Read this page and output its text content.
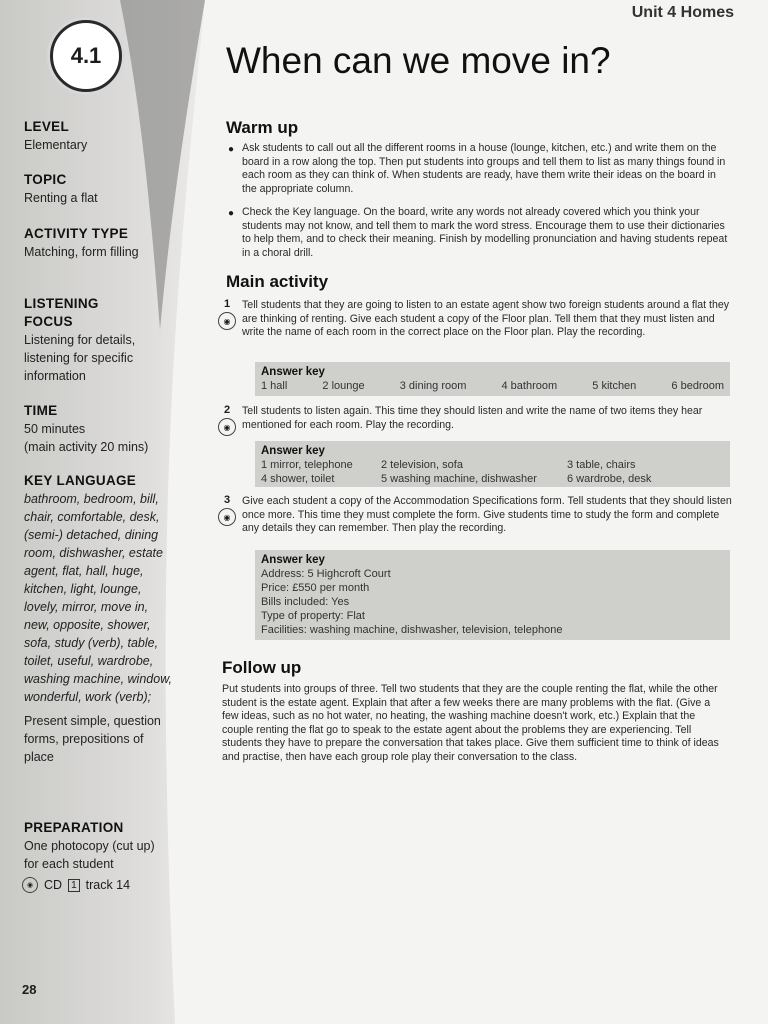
4.1
Unit 4 Homes
When can we move in?
LEVEL
Elementary
TOPIC
Renting a flat
ACTIVITY TYPE
Matching, form filling
LISTENING
FOCUS
Listening for details, listening for specific information
TIME
50 minutes
(main activity 20 mins)
KEY LANGUAGE
bathroom, bedroom, bill, chair, comfortable, desk, (semi-) detached, dining room, dishwasher, estate agent, flat, hall, huge, kitchen, light, lounge, lovely, mirror, move in, new, opposite, shower, sofa, study (verb), table, toilet, useful, wardrobe, washing machine, window, wonderful, work (verb);
Present simple, question forms, prepositions of place
PREPARATION
One photocopy (cut up) for each student
◉ CD 1 track 14
Warm up
● Ask students to call out all the different rooms in a house (lounge, kitchen, etc.) and write them on the board in a row along the top. Then put students into groups and tell them to list as many things found in each room as they can think of. When students are ready, have them write their ideas on the board in the appropriate column.
● Check the Key language. On the board, write any words not already covered which you think your students may not know, and tell them to mark the word stress. Encourage them to use their dictionaries to help them, and to check their meaning. Finish by modelling pronunciation and having students repeat in a choral drill.
Main activity
1
◉
Tell students that they are going to listen to an estate agent show two foreign students around a flat they are thinking of renting. Give each student a copy of the Floor plan. Tell them that they must listen and write the name of each room in the correct place on the Floor plan. Play the recording.
Answer key
1 hall	2 lounge	3 dining room	4 bathroom	5 kitchen	6 bedroom
2
◉
Tell students to listen again. This time they should listen and write the name of two items they hear mentioned for each room. Play the recording.
Answer key
1 mirror, telephone	2 television, sofa	3 table, chairs
4 shower, toilet	5 washing machine, dishwasher	6 wardrobe, desk
3
◉
Give each student a copy of the Accommodation Specifications form. Tell students that they should listen once more. This time they must complete the form. Give students time to study the form and complete any details they can remember. Then play the recording.
Answer key
Address: 5 Highcroft Court
Price: £550 per month
Bills included: Yes
Type of property: Flat
Facilities: washing machine, dishwasher, television, telephone
Follow up
Put students into groups of three. Tell two students that they are the couple renting the flat, while the other student is the estate agent. Explain that after a few weeks there are many problems with the flat. (Give a few ideas, such as no hot water, no heating, the washing machine doesn't work, etc.) Explain that the couple renting the flat go to speak to the estate agent about the problems they are experiencing. Tell students they have to prepare the conversation that takes place. Give them sufficient time to think of ideas and practise, then have each group role play their conversation to the class.
28
